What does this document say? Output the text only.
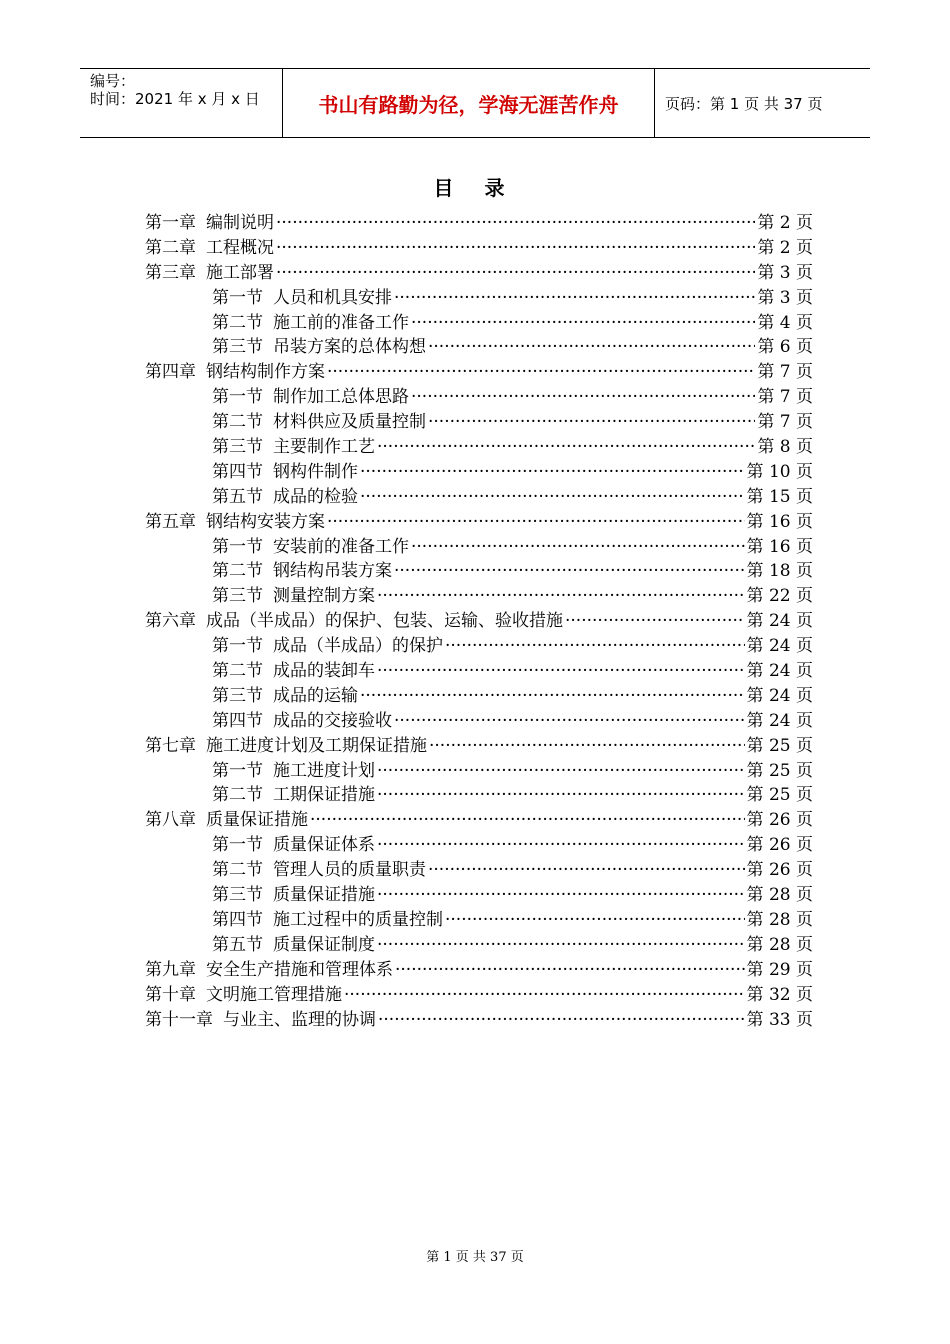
编号：
时间：2021 年 x 月 x 日	书山有路勤为径，学海无涯苦作舟	页码：第 1 页 共 37 页
目 录
第一章 编制说明 ·····	第 2 页
第二章 工程概况 ·····	第 2 页
第三章 施工部署 ·····	第 3 页
第一节 人员和机具安排 ·····	第 3 页
第二节 施工前的准备工作 ·····	第 4 页
第三节 吊装方案的总体构想 ·····	第 6 页
第四章 钢结构制作方案 ·····	第 7 页
第一节 制作加工总体思路 ·····	第 7 页
第二节 材料供应及质量控制 ·····	第 7 页
第三节 主要制作工艺 ·····	第 8 页
第四节 钢构件制作 ·····	第 10 页
第五节 成品的检验 ·····	第 15 页
第五章 钢结构安装方案 ·····	第 16 页
第一节 安装前的准备工作 ·····	第 16 页
第二节 钢结构吊装方案 ·····	第 18 页
第三节 测量控制方案 ·····	第 22 页
第六章 成品（半成品）的保护、包装、运输、验收措施 ·····	第 24 页
第一节 成品（半成品）的保护 ·····	第 24 页
第二节 成品的装卸车 ·····	第 24 页
第三节 成品的运输 ·····	第 24 页
第四节 成品的交接验收 ·····	第 24 页
第七章 施工进度计划及工期保证措施 ·····	第 25 页
第一节 施工进度计划 ·····	第 25 页
第二节 工期保证措施 ·····	第 25 页
第八章 质量保证措施 ·····	第 26 页
第一节 质量保证体系 ·····	第 26 页
第二节 管理人员的质量职责 ·····	第 26 页
第三节 质量保证措施 ·····	第 28 页
第四节 施工过程中的质量控制 ·····	第 28 页
第五节 质量保证制度 ·····	第 28 页
第九章 安全生产措施和管理体系 ·····	第 29 页
第十章 文明施工管理措施 ·····	第 32 页
第十一章 与业主、监理的协调 ·····	第 33 页
第 1 页 共 37 页
